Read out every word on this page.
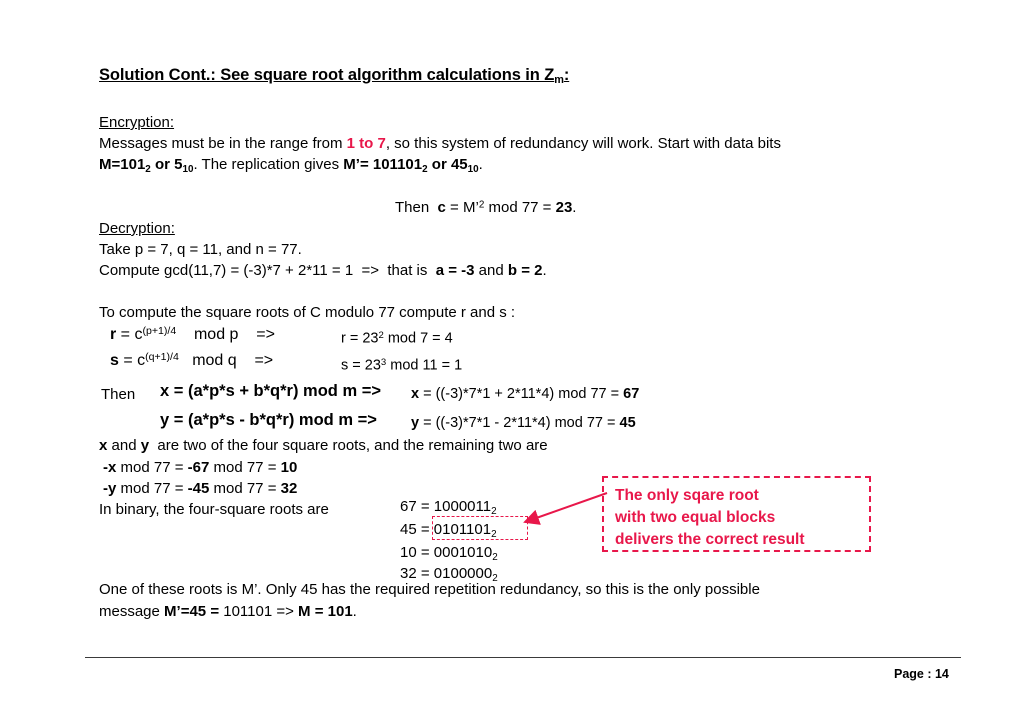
Solution Cont.: See square root algorithm calculations in $Z_m$:
Encryption:
Messages must be in the range from 1 to 7, so this system of redundancy will work. Start with data bits
$M=101_2$ or $5_{10}$. The replication gives M’= $101101_2$ or $45_{10}$.
Then  c = M’$^2$ mod 77 = 23.
Decryption:
Take p = 7, q = 11, and n = 77.
Compute gcd(11,7) = (-3)*7 + 2*11 = 1  =>  that is  a = -3 and b = 2.
To compute the square roots of C modulo 77 compute r and s :
$r = c^{(p+1)/4}$    mod p    =>	$r = 23^2$ mod 7 = 4
$s = c^{(q+1)/4}$   mod q    =>	$s = 23^3$ mod 11 = 1
Then x = (a*p*s + b*q*r) mod m => x = ((-3)*7*1 + 2*11*4) mod 77 = 67
y = (a*p*s - b*q*r) mod m => y = ((-3)*7*1 - 2*11*4) mod 77 = 45
x and y  are two of the four square roots, and the remaining two are
-x mod 77 = -67 mod 77 = 10
-y mod 77 = -45 mod 77 = 32
In binary, the four-square roots are	$67 = 1000011_2$
$45 = 0101101_2$
$10 = 0001010_2$
$32 = 0100000_2$
The only sqare root
with two equal blocks
delivers the correct result
One of these roots is M’. Only 45 has the required repetition redundancy, so this is the only possible
message M’=45 = 101101 => M = 101.
Page : 14
